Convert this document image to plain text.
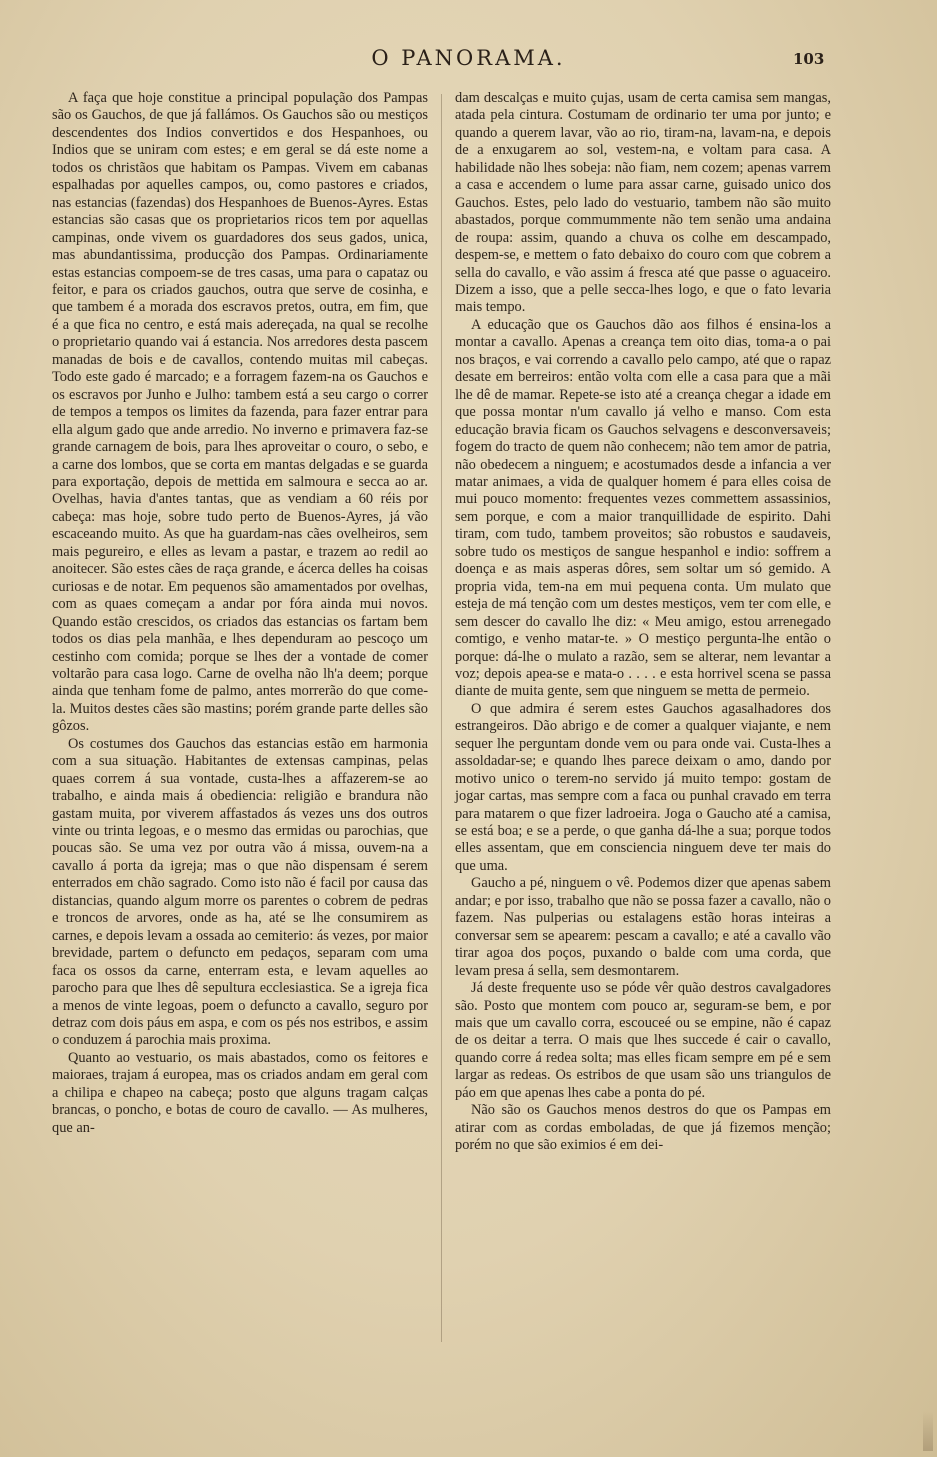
O PANORAMA.	103

A faça que hoje constitue a principal população dos Pampas são os Gauchos, de que já fallámos. Os Gauchos são ou mestiços descendentes dos Indios convertidos e dos Hespanhoes, ou Indios que se uniram com estes; e em geral se dá este nome a todos os christãos que habitam os Pampas. Vivem em cabanas espalhadas por aquelles campos, ou, como pastores e criados, nas estancias (fazendas) dos Hespanhoes de Buenos-Ayres. Estas estancias são casas que os proprietarios ricos tem por aquellas campinas, onde vivem os guardadores dos seus gados, unica, mas abundantissima, producção dos Pampas. Ordinariamente estas estancias compoem-se de tres casas, uma para o capataz ou feitor, e para os criados gauchos, outra que serve de cosinha, e que tambem é a morada dos escravos pretos, outra, em fim, que é a que fica no centro, e está mais adereçada, na qual se recolhe o proprietario quando vai á estancia. Nos arredores desta pascem manadas de bois e de cavallos, contendo muitas mil cabeças. Todo este gado é marcado; e a forragem fazem-na os Gauchos e os escravos por Junho e Julho: tambem está a seu cargo o correr de tempos a tempos os limites da fazenda, para fazer entrar para ella algum gado que ande arredio. No inverno e primavera faz-se grande carnagem de bois, para lhes aproveitar o couro, o sebo, e a carne dos lombos, que se corta em mantas delgadas e se guarda para exportação, depois de mettida em salmoura e secca ao ar. Ovelhas, havia d'antes tantas, que as vendiam a 60 réis por cabeça: mas hoje, sobre tudo perto de Buenos-Ayres, já vão escaceando muito. As que ha guardam-nas cães ovelheiros, sem mais pegureiro, e elles as levam a pastar, e trazem ao redil ao anoitecer. São estes cães de raça grande, e ácerca delles ha coisas curiosas e de notar. Em pequenos são amamentados por ovelhas, com as quaes começam a andar por fóra ainda mui novos. Quando estão crescidos, os criados das estancias os fartam bem todos os dias pela manhãa, e lhes dependuram ao pescoço um cestinho com comida; porque se lhes der a vontade de comer voltarão para casa logo. Carne de ovelha não lh'a deem; porque ainda que tenham fome de palmo, antes morrerão do que come-la. Muitos destes cães são mastins; porém grande parte delles são gôzos.

Os costumes dos Gauchos das estancias estão em harmonia com a sua situação. Habitantes de extensas campinas, pelas quaes correm á sua vontade, custa-lhes a affazerem-se ao trabalho, e ainda mais á obediencia: religião e brandura não gastam muita, por viverem affastados ás vezes uns dos outros vinte ou trinta legoas, e o mesmo das ermidas ou parochias, que poucas são. Se uma vez por outra vão á missa, ouvem-na a cavallo á porta da igreja; mas o que não dispensam é serem enterrados em chão sagrado. Como isto não é facil por causa das distancias, quando algum morre os parentes o cobrem de pedras e troncos de arvores, onde as ha, até se lhe consumirem as carnes, e depois levam a ossada ao cemiterio: ás vezes, por maior brevidade, partem o defuncto em pedaços, separam com uma faca os ossos da carne, enterram esta, e levam aquelles ao parocho para que lhes dê sepultura ecclesiastica. Se a igreja fica a menos de vinte legoas, poem o defuncto a cavallo, seguro por detraz com dois páus em aspa, e com os pés nos estribos, e assim o conduzem á parochia mais proxima.

Quanto ao vestuario, os mais abastados, como os feitores e maioraes, trajam á europea, mas os criados andam em geral com a chilipa e chapeo na cabeça; posto que alguns tragam calças brancas, o poncho, e botas de couro de cavallo. — As mulheres, que an-

dam descalças e muito çujas, usam de certa camisa sem mangas, atada pela cintura. Costumam de ordinario ter uma por junto; e quando a querem lavar, vão ao rio, tiram-na, lavam-na, e depois de a enxugarem ao sol, vestem-na, e voltam para casa. A habilidade não lhes sobeja: não fiam, nem cozem; apenas varrem a casa e accendem o lume para assar carne, guisado unico dos Gauchos. Estes, pelo lado do vestuario, tambem não são muito abastados, porque commummente não tem senão uma andaina de roupa: assim, quando a chuva os colhe em descampado, despem-se, e mettem o fato debaixo do couro com que cobrem a sella do cavallo, e vão assim á fresca até que passe o aguaceiro. Dizem a isso, que a pelle secca-lhes logo, e que o fato levaria mais tempo.

A educação que os Gauchos dão aos filhos é ensina-los a montar a cavallo. Apenas a creança tem oito dias, toma-a o pai nos braços, e vai correndo a cavallo pelo campo, até que o rapaz desate em berreiros: então volta com elle a casa para que a mãi lhe dê de mamar. Repete-se isto até a creança chegar a idade em que possa montar n'um cavallo já velho e manso. Com esta educação bravia ficam os Gauchos selvagens e desconversaveis; fogem do tracto de quem não conhecem; não tem amor de patria, não obedecem a ninguem; e acostumados desde a infancia a ver matar animaes, a vida de qualquer homem é para elles coisa de mui pouco momento: frequentes vezes commettem assassinios, sem porque, e com a maior tranquillidade de espirito. Dahi tiram, com tudo, tambem proveitos; são robustos e saudaveis, sobre tudo os mestiços de sangue hespanhol e indio: soffrem a doença e as mais asperas dôres, sem soltar um só gemido. A propria vida, tem-na em mui pequena conta. Um mulato que esteja de má tenção com um destes mestiços, vem ter com elle, e sem descer do cavallo lhe diz: « Meu amigo, estou arrenegado comtigo, e venho matar-te. » O mestiço pergunta-lhe então o porque: dá-lhe o mulato a razão, sem se alterar, nem levantar a voz; depois apea-se e mata-o . . . . e esta horrivel scena se passa diante de muita gente, sem que ninguem se metta de permeio.

O que admira é serem estes Gauchos agasalhadores dos estrangeiros. Dão abrigo e de comer a qualquer viajante, e nem sequer lhe perguntam donde vem ou para onde vai. Custa-lhes a assoldadar-se; e quando lhes parece deixam o amo, dando por motivo unico o terem-no servido já muito tempo: gostam de jogar cartas, mas sempre com a faca ou punhal cravado em terra para matarem o que fizer ladroeira. Joga o Gaucho até a camisa, se está boa; e se a perde, o que ganha dá-lhe a sua; porque todos elles assentam, que em consciencia ninguem deve ter mais do que uma.

Gaucho a pé, ninguem o vê. Podemos dizer que apenas sabem andar; e por isso, trabalho que não se possa fazer a cavallo, não o fazem. Nas pulperias ou estalagens estão horas inteiras a conversar sem se apearem: pescam a cavallo; e até a cavallo vão tirar agoa dos poços, puxando o balde com uma corda, que levam presa á sella, sem desmontarem.

Já deste frequente uso se póde vêr quão destros cavalgadores são. Posto que montem com pouco ar, seguram-se bem, e por mais que um cavallo corra, escouceé ou se empine, não é capaz de os deitar a terra. O mais que lhes succede é cair o cavallo, quando corre á redea solta; mas elles ficam sempre em pé e sem largar as redeas. Os estribos de que usam são uns triangulos de páo em que apenas lhes cabe a ponta do pé.

Não são os Gauchos menos destros do que os Pampas em atirar com as cordas emboladas, de que já fizemos menção; porém no que são eximios é em dei-
